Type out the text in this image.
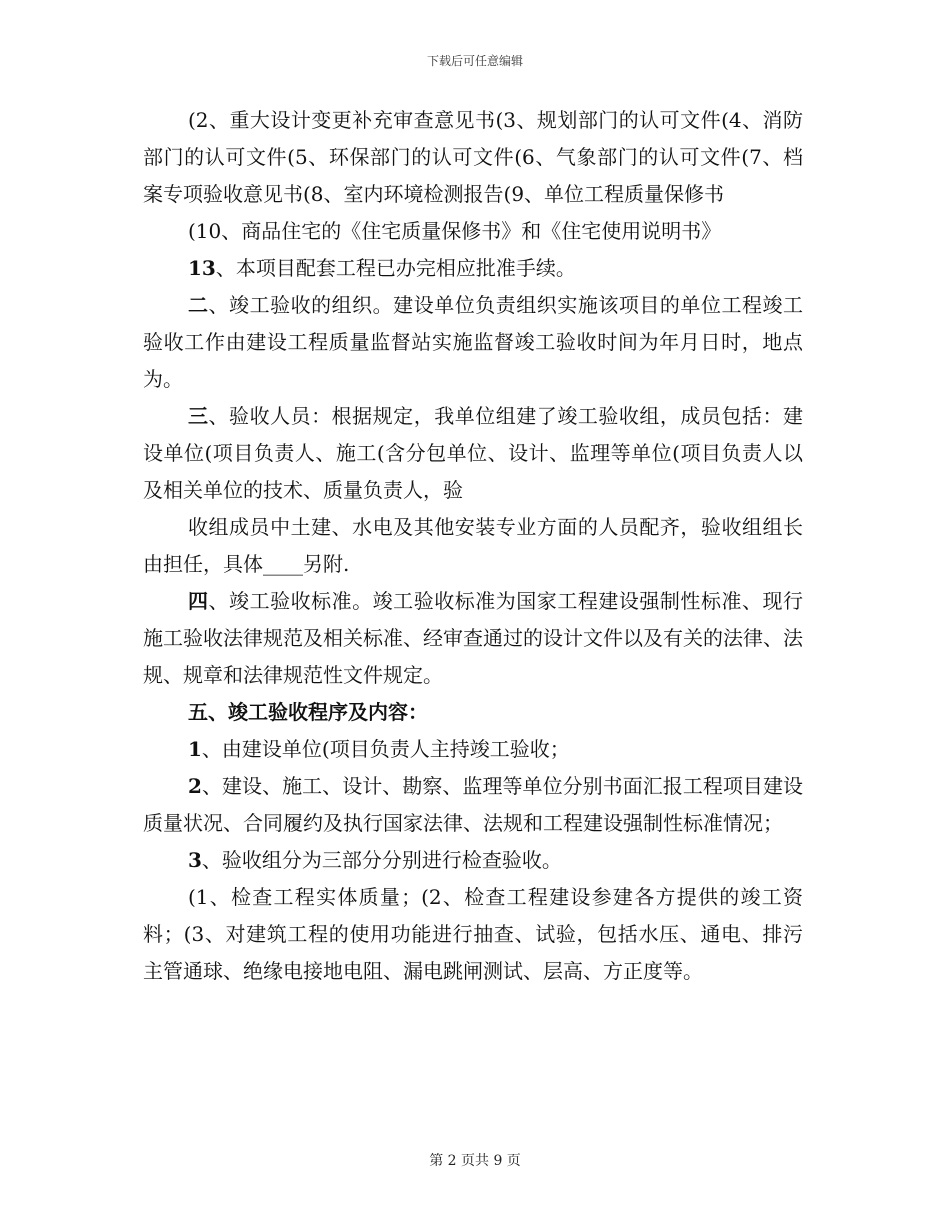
下载后可任意编辑

(2、重大设计变更补充审查意见书(3、规划部门的认可文件(4、消防部门的认可文件(5、环保部门的认可文件(6、气象部门的认可文件(7、档案专项验收意见书(8、室内环境检测报告(9、单位工程质量保修书

(10、商品住宅的《住宅质量保修书》和《住宅使用说明书》

13、本项目配套工程已办完相应批准手续。

二、竣工验收的组织。建设单位负责组织实施该项目的单位工程竣工验收工作由建设工程质量监督站实施监督竣工验收时间为年月日时，地点为。

三、验收人员：根据规定，我单位组建了竣工验收组，成员包括：建设单位(项目负责人、施工(含分包单位、设计、监理等单位(项目负责人以及相关单位的技术、质量负责人，验

收组成员中土建、水电及其他安装专业方面的人员配齐，验收组组长由担任，具体____另附.

四、竣工验收标准。竣工验收标准为国家工程建设强制性标准、现行施工验收法律规范及相关标准、经审查通过的设计文件以及有关的法律、法规、规章和法律规范性文件规定。

五、竣工验收程序及内容：

1、由建设单位(项目负责人主持竣工验收；

2、建设、施工、设计、勘察、监理等单位分别书面汇报工程项目建设质量状况、合同履约及执行国家法律、法规和工程建设强制性标准情况；

3、验收组分为三部分分别进行检查验收。

(1、检查工程实体质量；(2、检查工程建设参建各方提供的竣工资料；(3、对建筑工程的使用功能进行抽查、试验，包括水压、通电、排污主管通球、绝缘电接地电阻、漏电跳闸测试、层高、方正度等。

第 2 页共 9 页
